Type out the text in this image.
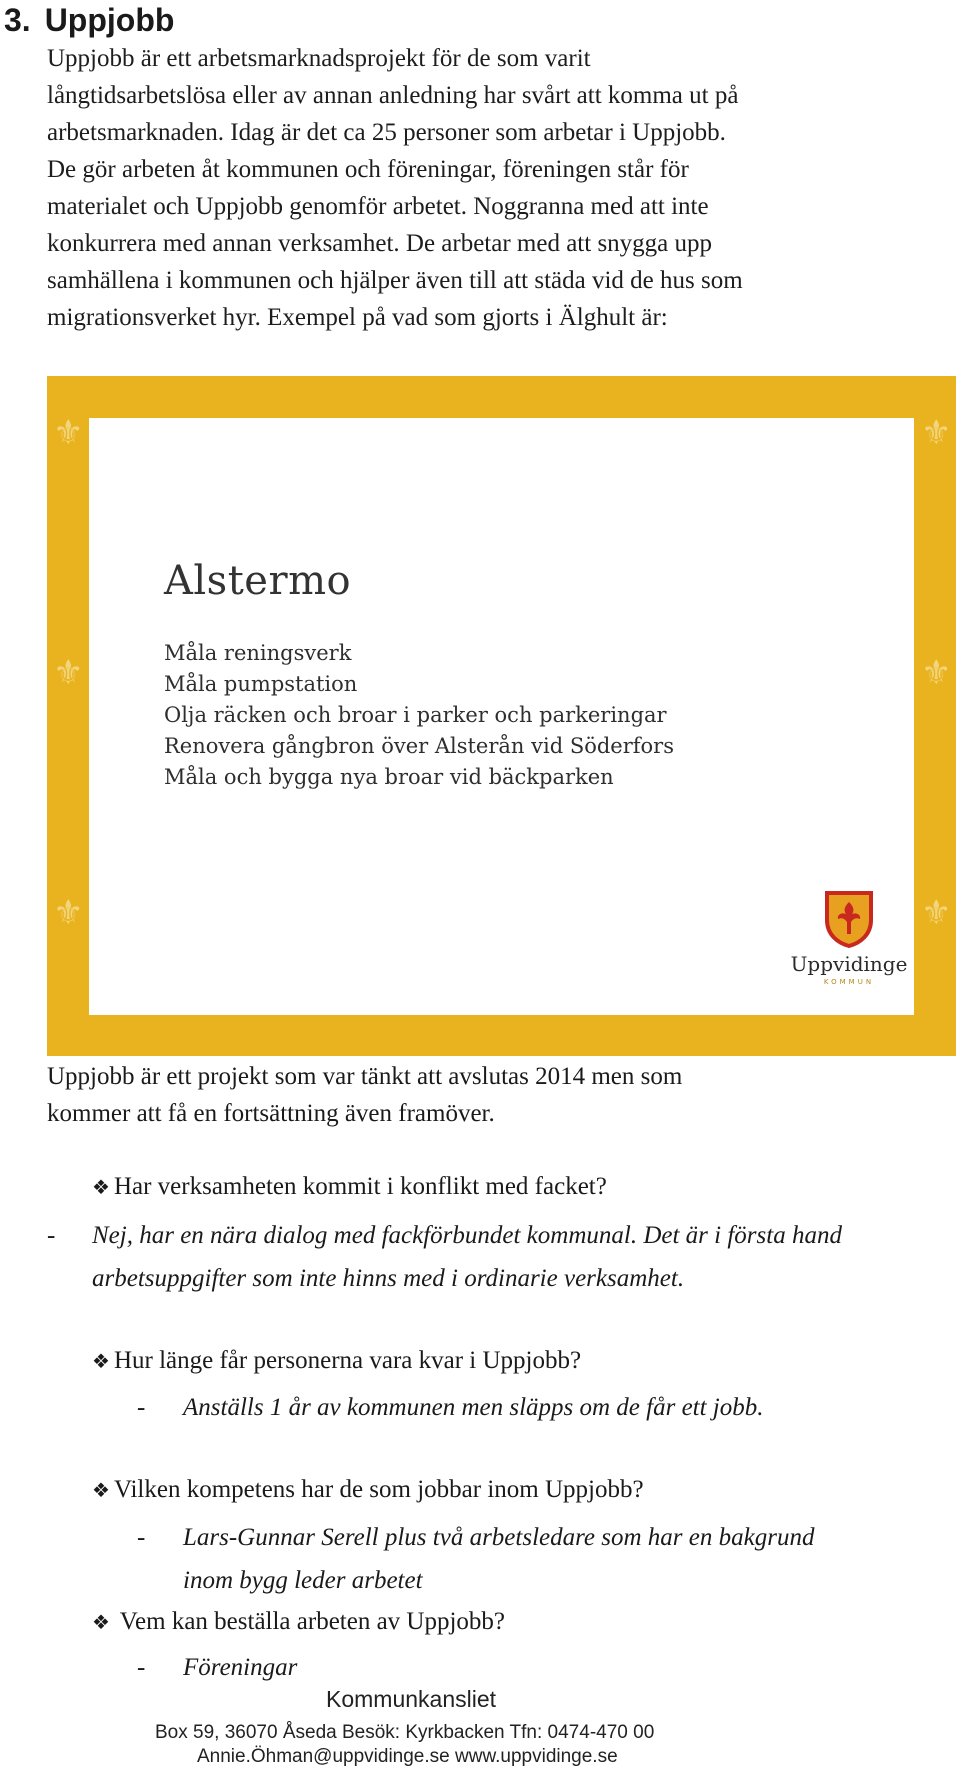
3. Uppjobb

Uppjobb är ett arbetsmarknadsprojekt för de som varit

långtidsarbetslösa eller av annan anledning har svårt att komma ut på

arbetsmarknaden. Idag är det ca 25 personer som arbetar i Uppjobb.

De gör arbeten åt kommunen och föreningar, föreningen står för

materialet och Uppjobb genomför arbetet. Noggranna med att inte

konkurrera med annan verksamhet. De arbetar med att snygga upp

samhällena i kommunen och hjälper även till att städa vid de hus som

migrationsverket hyr. Exempel på vad som gjorts i Älghult är:

⚜
⚜
⚜
⚜
⚜
⚜
Alstermo
Måla reningsverk
Måla pumpstation
Olja räcken och broar i parker och parkeringar
Renovera gångbron över Alsterån vid Söderfors
Måla och bygga nya broar vid bäckparken
Uppvidinge
KOMMUN

Uppjobb är ett projekt som var tänkt att avslutas 2014 men som

kommer att få en fortsättning även framöver.

❖ Har verksamheten kommit i konflikt med facket?
- Nej, har en nära dialog med fackförbundet kommunal. Det är i första hand
arbetsuppgifter som inte hinns med i ordinarie verksamhet.
❖ Hur länge får personerna vara kvar i Uppjobb?
- Anställs 1 år av kommunen men släpps om de får ett jobb.
❖ Vilken kompetens har de som jobbar inom Uppjobb?
- Lars-Gunnar Serell plus två arbetsledare som har en bakgrund
inom bygg leder arbetet
❖ Vem kan beställa arbeten av Uppjobb?
- Föreningar
Kommunkansliet
Box 59, 36070 Åseda Besök: Kyrkbacken Tfn: 0474-470 00
Annie.Öhman@uppvidinge.se www.uppvidinge.se
